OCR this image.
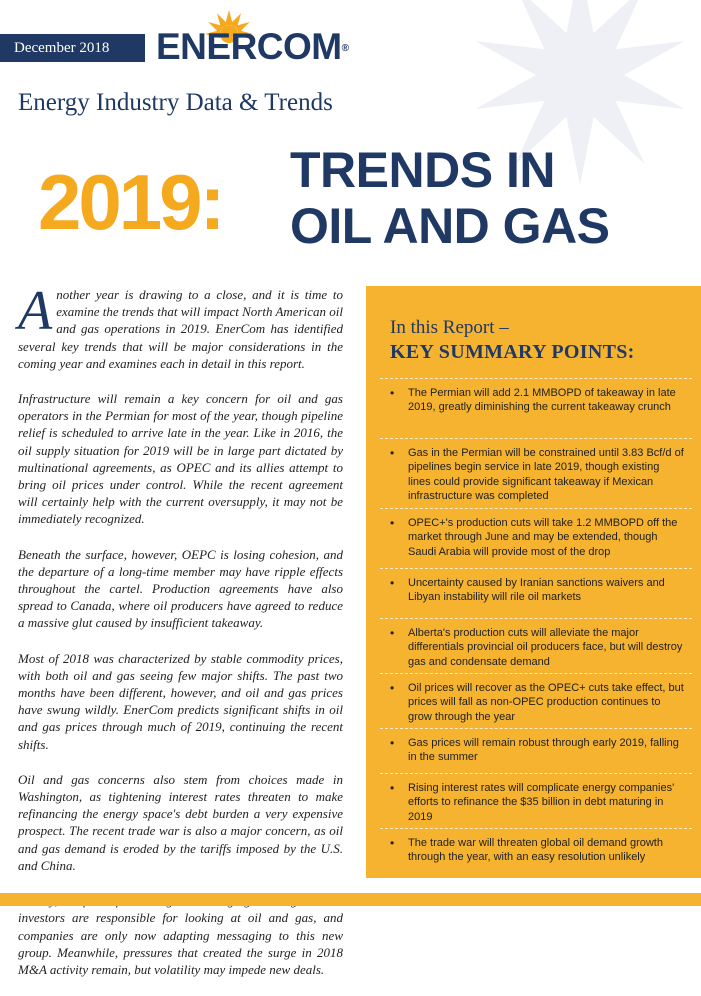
December 2018	ENERCOM®
Energy Industry Data & Trends
2019: TRENDS IN
OIL AND GAS

Another year is drawing to a close, and it is time to examine the trends that will impact North American oil and gas operations in 2019. EnerCom has identified several key trends that will be major considerations in the coming year and examines each in detail in this report.

Infrastructure will remain a key concern for oil and gas operators in the Permian for most of the year, though pipeline relief is scheduled to arrive late in the year. Like in 2016, the oil supply situation for 2019 will be in large part dictated by multinational agreements, as OPEC and its allies attempt to bring oil prices under control. While the recent agreement will certainly help with the current oversupply, it may not be immediately recognized.

Beneath the surface, however, OEPC is losing cohesion, and the departure of a long-time member may have ripple effects throughout the cartel. Production agreements have also spread to Canada, where oil producers have agreed to reduce a massive glut caused by insufficient takeaway.

Most of 2018 was characterized by stable commodity prices, with both oil and gas seeing few major shifts. The past two months have been different, however, and oil and gas prices have swung wildly. EnerCom predicts significant shifts in oil and gas prices through much of 2019, continuing the recent shifts.

Oil and gas concerns also stem from choices made in Washington, as tightening interest rates threaten to make refinancing the energy space's debt burden a very expensive prospect. The recent trade war is also a major concern, as oil and gas demand is eroded by the tariffs imposed by the U.S. and China.

investors are responsible for looking at oil and gas, and companies are only now adapting messaging to this new group. Meanwhile, pressures that created the surge in 2018 M&A activity remain, but volatility may impede new deals.

In this Report –
KEY SUMMARY POINTS:
• The Permian will add 2.1 MMBOPD of takeaway in late 2019, greatly diminishing the current takeaway crunch
• Gas in the Permian will be constrained until 3.83 Bcf/d of pipelines begin service in late 2019, though existing lines could provide significant takeaway if Mexican infrastructure was completed
• OPEC+'s production cuts will take 1.2 MMBOPD off the market through June and may be extended, though Saudi Arabia will provide most of the drop
• Uncertainty caused by Iranian sanctions waivers and Libyan instability will rile oil markets
• Alberta's production cuts will alleviate the major differentials provincial oil producers face, but will destroy gas and condensate demand
• Oil prices will recover as the OPEC+ cuts take effect, but prices will fall as non-OPEC production continues to grow through the year
• Gas prices will remain robust through early 2019, falling in the summer
• Rising interest rates will complicate energy companies' efforts to refinance the $35 billion in debt maturing in 2019
• The trade war will threaten global oil demand growth through the year, with an easy resolution unlikely
